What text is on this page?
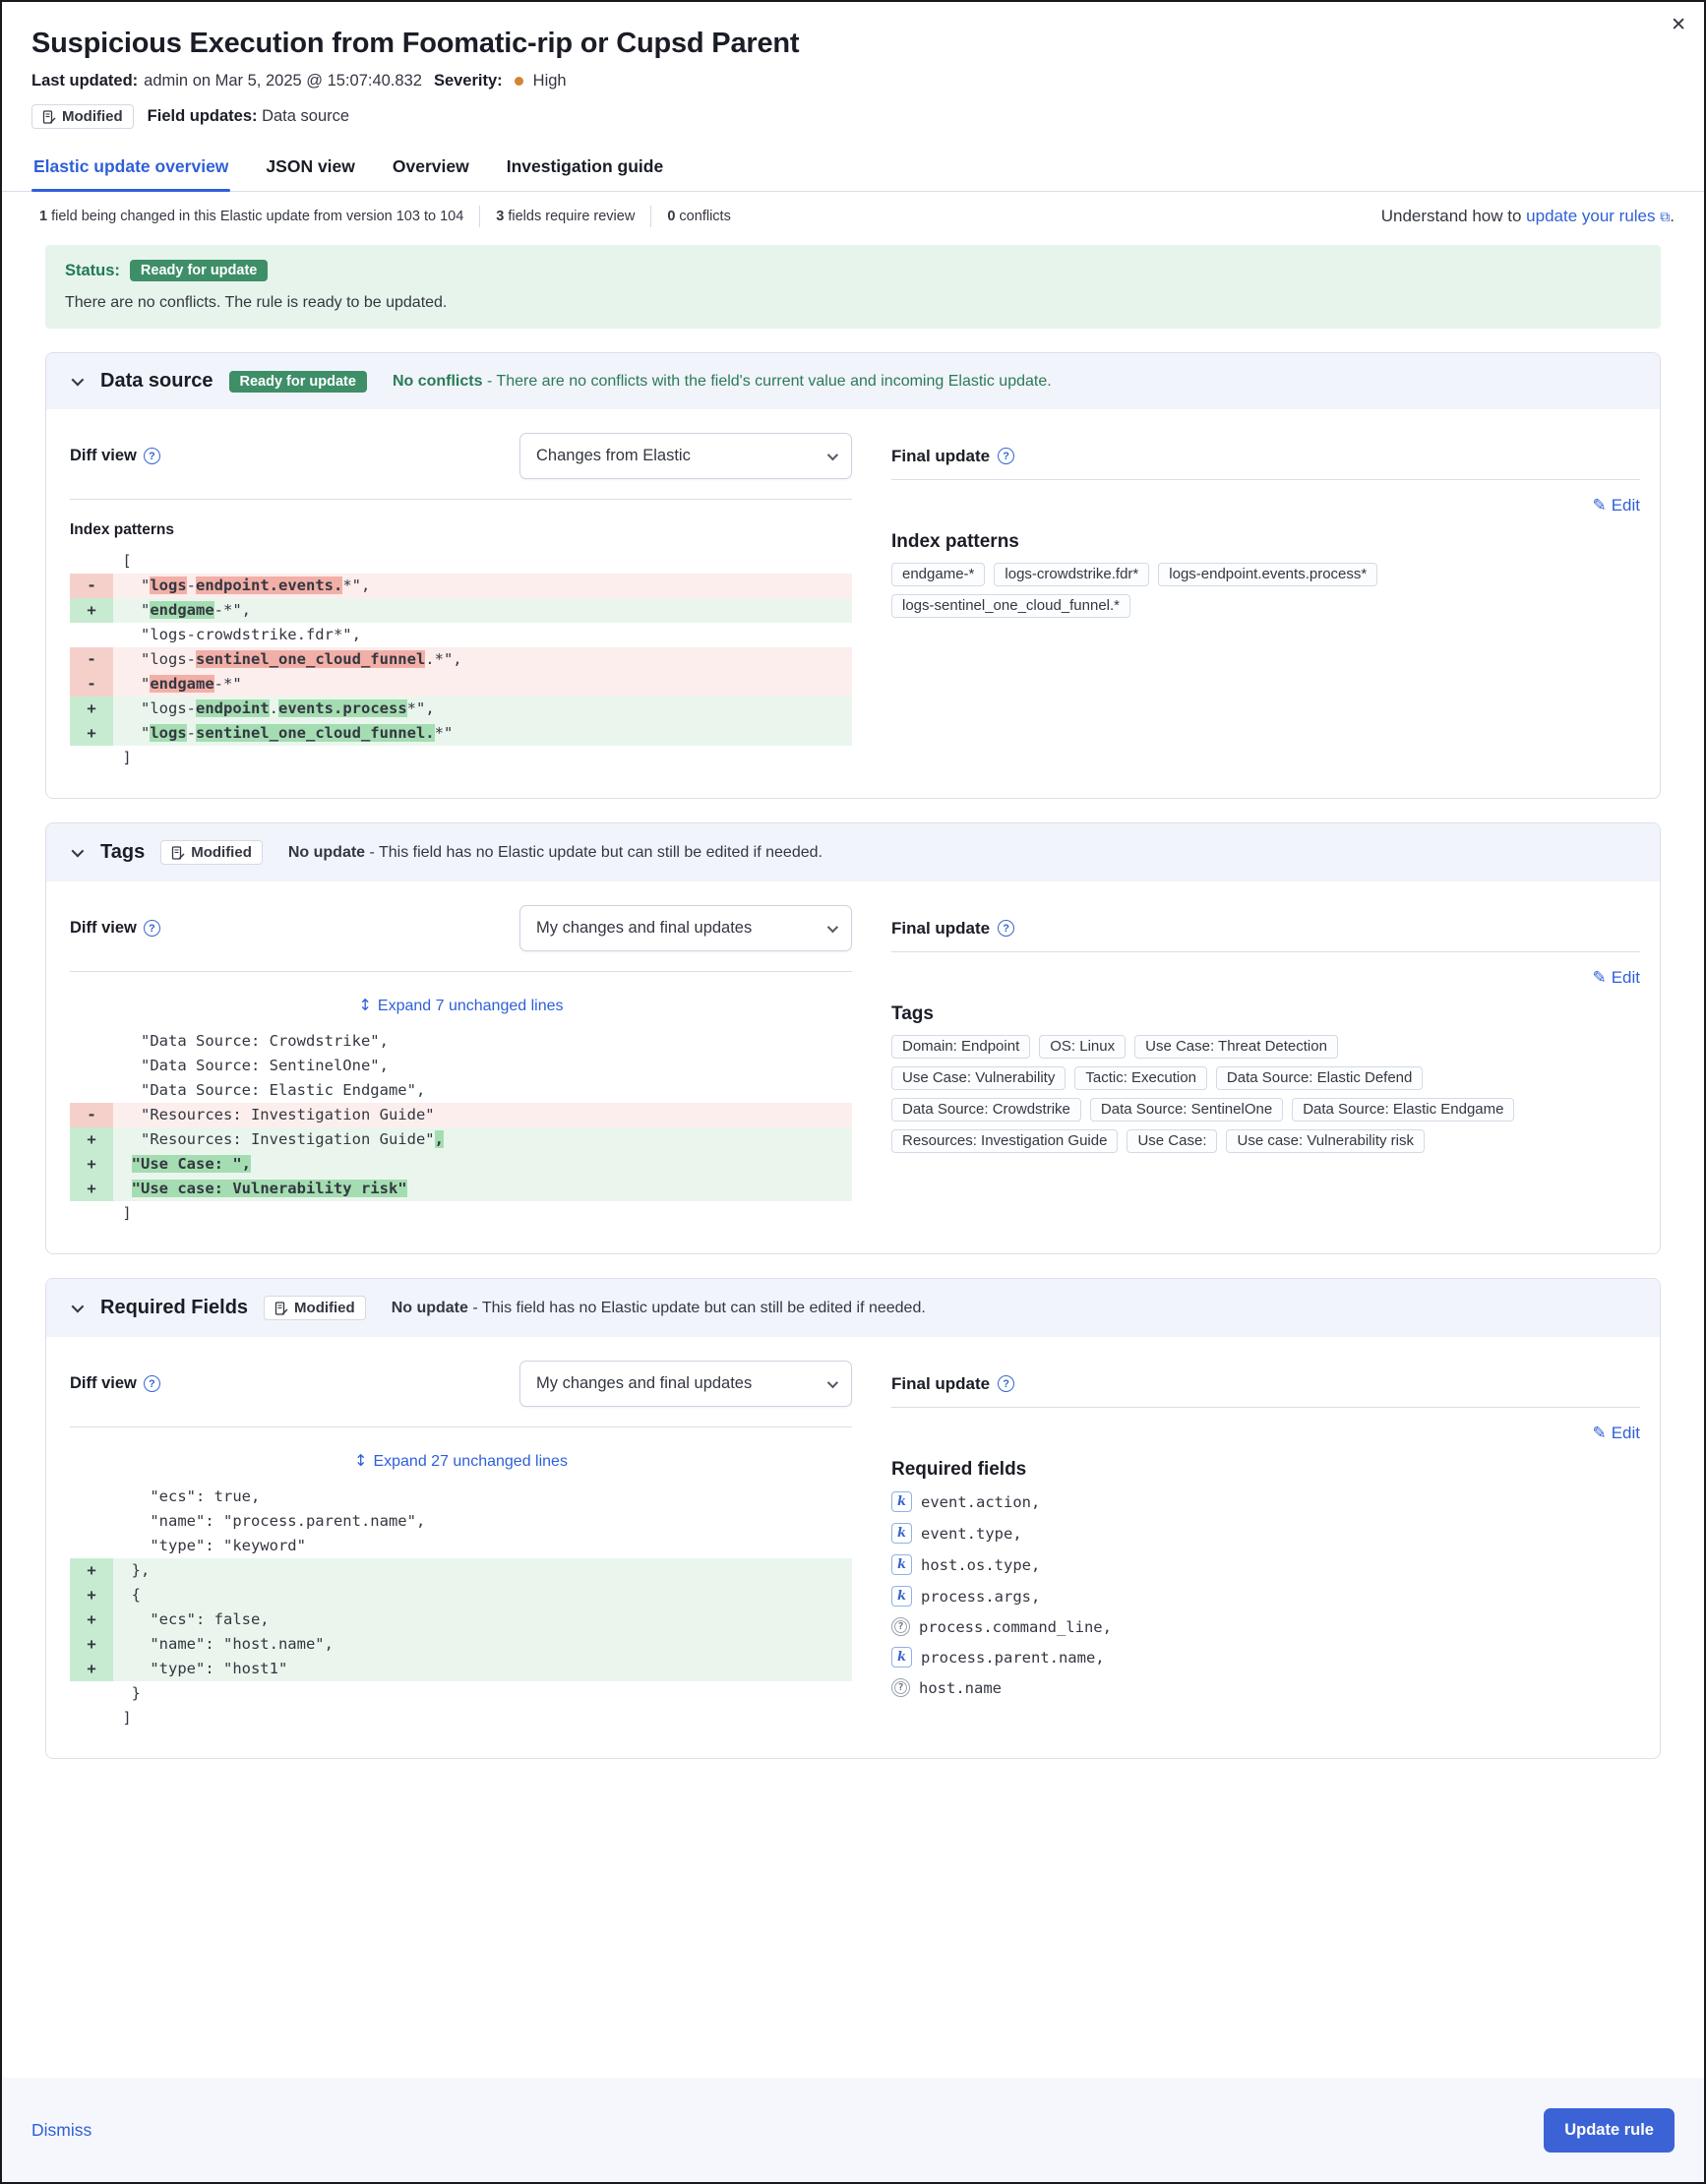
✕
Suspicious Execution from Foomatic-rip or Cupsd Parent
Last updated: admin on Mar 5, 2025 @ 15:07:40.832 Severity: High
Modified Field updates: Data source
Elastic update overview JSON view Overview Investigation guide
1 field being changed in this Elastic update from version 103 to 104 3 fields require review 0 conflicts	Understand how to update your rules ⧉.
Status:	Ready for update
There are no conflicts. The rule is ready to be updated.
Data source	Ready for update	No conflicts - There are no conflicts with the field's current value and incoming Elastic update.
Diff view	?	Changes from Elastic
Index patterns
[
-	"logs-endpoint.events.*",
+	"endgame-*",
"logs-crowdstrike.fdr*",
-	"logs-sentinel_one_cloud_funnel.*",
-	"endgame-*"
+	"logs-endpoint.events.process*",
+	"logs-sentinel_one_cloud_funnel.*"
]
Final update	?
✎ Edit
Index patterns
endgame-*	logs-crowdstrike.fdr*	logs-endpoint.events.process*
logs-sentinel_one_cloud_funnel.*
Tags	Modified No update - This field has no Elastic update but can still be edited if needed.
Diff view	?	My changes and final updates
↕ Expand 7 unchanged lines
"Data Source: Crowdstrike",
"Data Source: SentinelOne",
"Data Source: Elastic Endgame",
-	"Resources: Investigation Guide"
+	"Resources: Investigation Guide",
+	"Use Case: ",
+	"Use case: Vulnerability risk"
]
Final update	?
✎ Edit
Tags
Domain: Endpoint	OS: Linux	Use Case: Threat Detection
Use Case: Vulnerability	Tactic: Execution	Data Source: Elastic Defend
Data Source: Crowdstrike	Data Source: SentinelOne	Data Source: Elastic Endgame
Resources: Investigation Guide	Use Case:	Use case: Vulnerability risk
Required Fields	Modified No update - This field has no Elastic update but can still be edited if needed.
Diff view	?	My changes and final updates
↕ Expand 27 unchanged lines
"ecs": true,
"name": "process.parent.name",
"type": "keyword"
+	},
+	{
+	"ecs": false,
+	"name": "host.name",
+	"type": "host1"
}
]
Final update	?
✎ Edit
Required fields
k event.action,
k event.type,
k host.os.type,
k process.args,
? process.command_line,
k process.parent.name,
? host.name
Dismiss	Update rule
